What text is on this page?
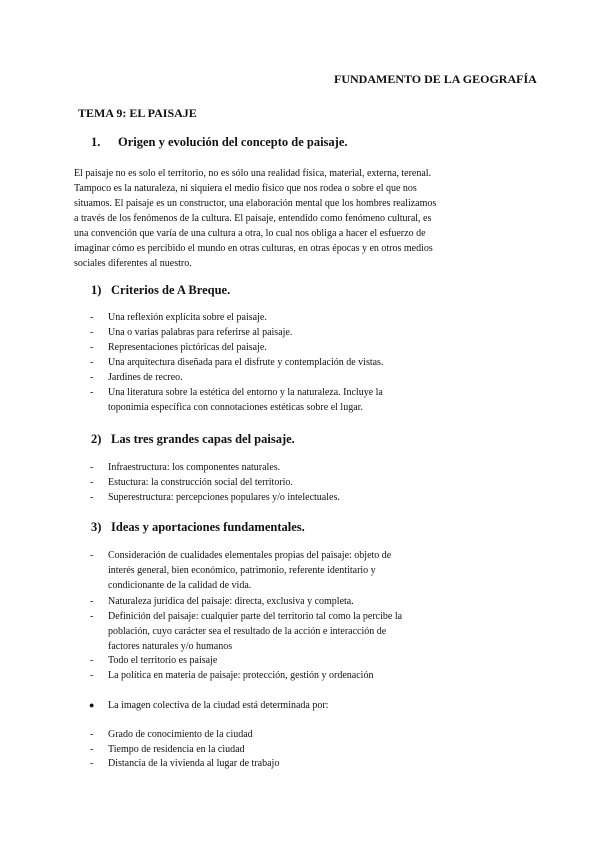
FUNDAMENTO DE LA GEOGRAFÍA
TEMA 9: EL PAISAJE
1. Origen y evolución del concepto de paisaje.
El paisaje no es solo el territorio, no es sólo una realidad física, material, externa, terenal.
Tampoco es la naturaleza, ni siquiera el medio físico que nos rodea o sobre el que nos
situamos. El paisaje es un constructor, una elaboración mental que los hombres realizamos
a través de los fenómenos de la cultura. El paisaje, entendido como fenómeno cultural, es
una convención que varía de una cultura a otra, lo cual nos obliga a hacer el esfuerzo de
imaginar cómo es percibido el mundo en otras culturas, en otras épocas y en otros medios
sociales diferentes al nuestro.
1) Criterios de A Breque.
- Una reflexión explícita sobre el paisaje.
- Una o varias palabras para referirse al paisaje.
- Representaciones pictóricas del paisaje.
- Una arquitectura diseñada para el disfrute y contemplación de vistas.
- Jardines de recreo.
- Una literatura sobre la estética del entorno y la naturaleza. Incluye la
toponimia específica con connotaciones estéticas sobre el lugar.
2) Las tres grandes capas del paisaje.
- Infraestructura: los componentes naturales.
- Estuctura: la construcción social del territorio.
- Superestructura: percepciones populares y/o intelectuales.
3) Ideas y aportaciones fundamentales.
- Consideración de cualidades elementales propias del paisaje: objeto de
interés general, bien económico, patrimonio, referente identitario y
condicionante de la calidad de vida.
- Naturaleza jurídica del paisaje: directa, exclusiva y completa.
- Definición del paisaje: cualquier parte del territorio tal como la percibe la
población, cuyo carácter sea el resultado de la acción e interacción de
factores naturales y/o humanos
- Todo el territorio es paisaje
- La política en materia de paisaje: protección, gestión y ordenación
● La imagen colectiva de la ciudad está determinada por:
- Grado de conocimiento de la ciudad
- Tiempo de residencia en la ciudad
- Distancia de la vivienda al lugar de trabajo
